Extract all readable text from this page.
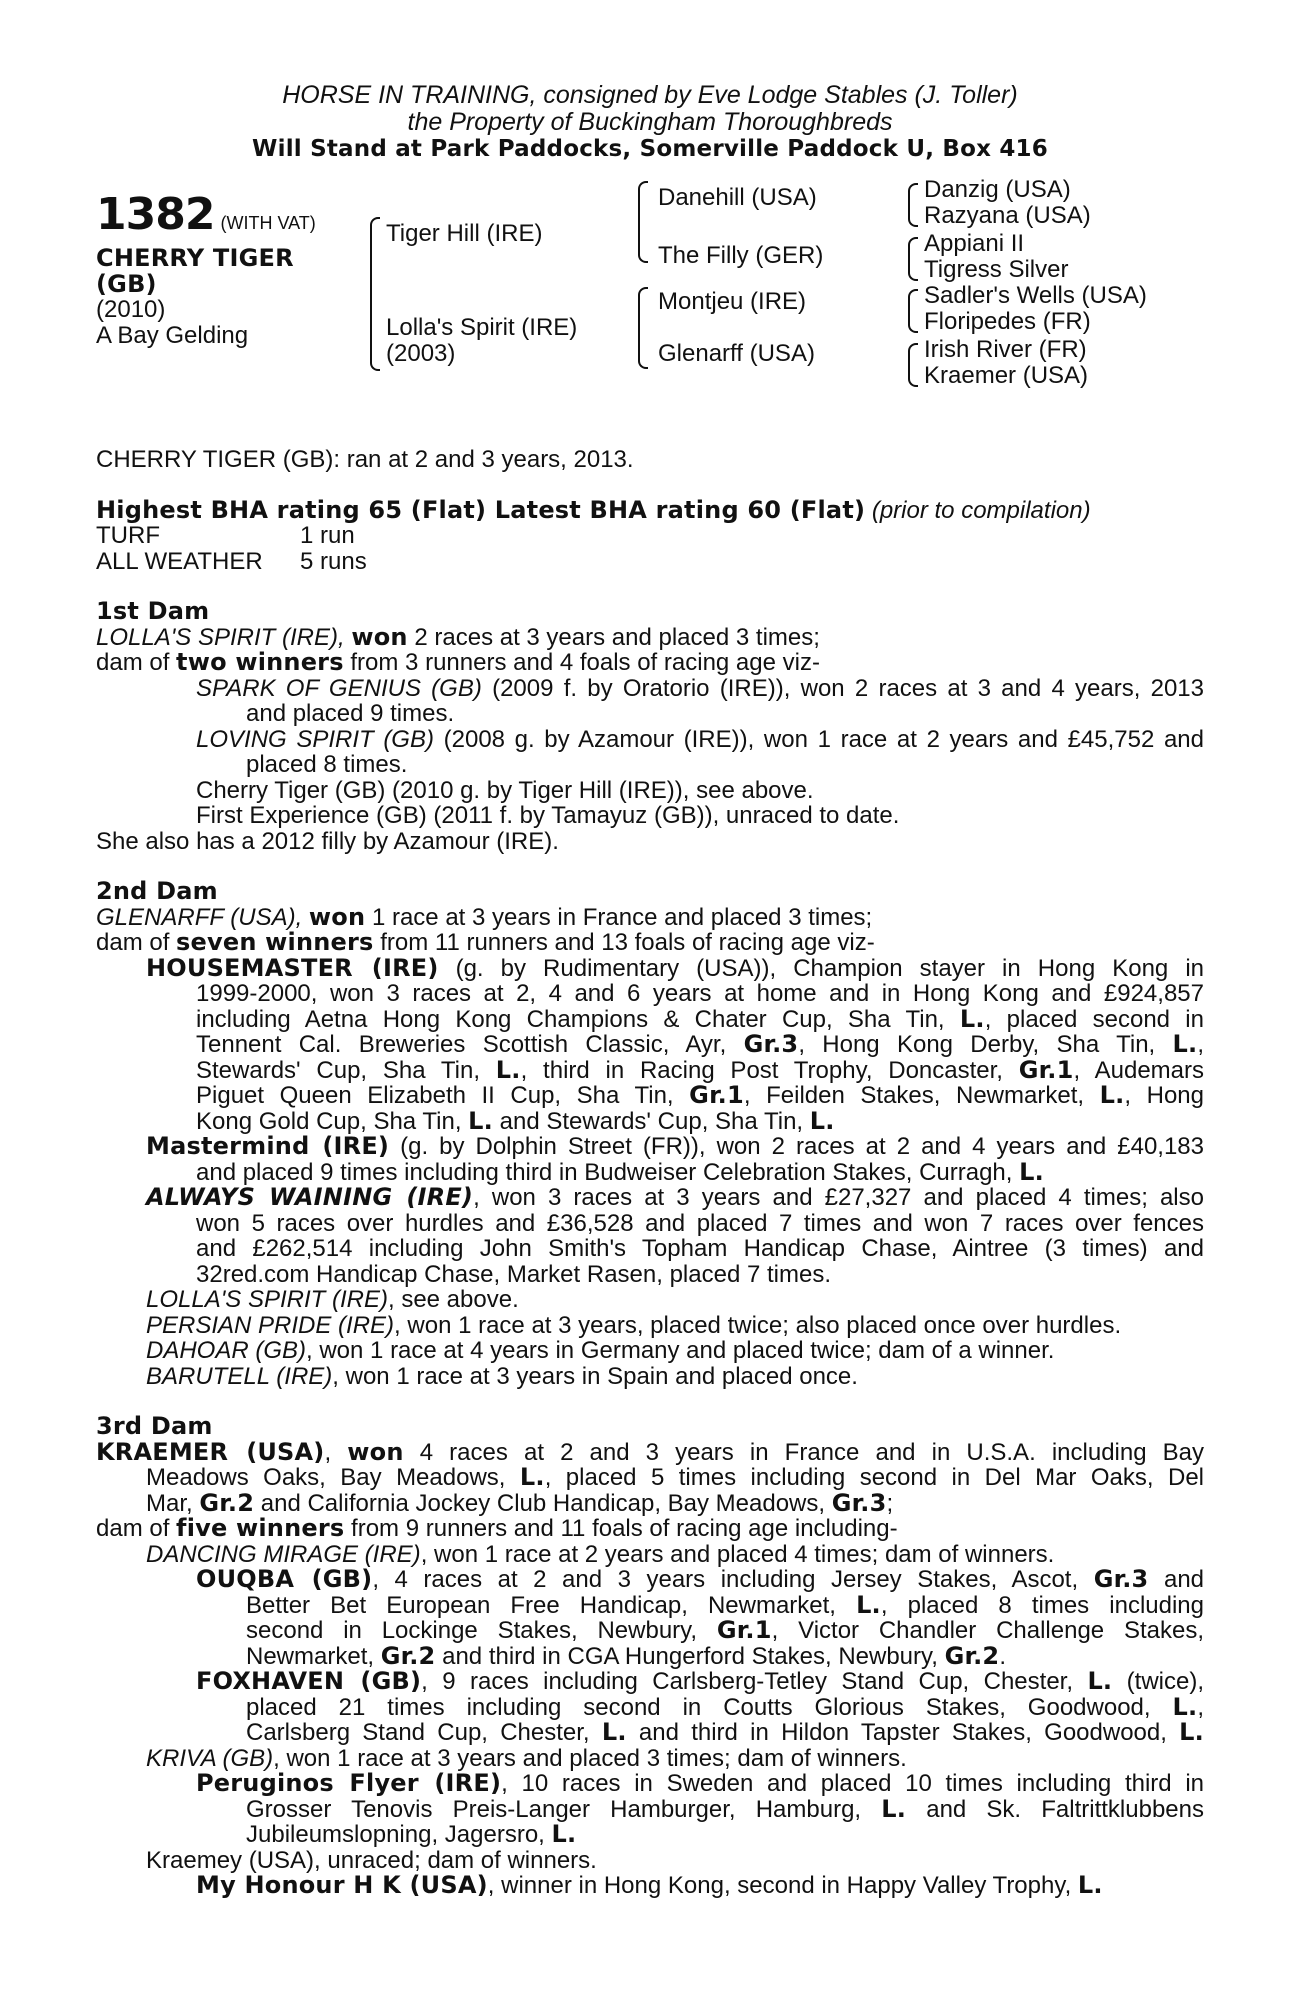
HORSE IN TRAINING, consigned by Eve Lodge Stables (J. Toller)
the Property of Buckingham Thoroughbreds
Will Stand at Park Paddocks, Somerville Paddock U, Box 416
1382 (WITH VAT)
CHERRY TIGER
(GB)
(2010)
A Bay Gelding
Tiger Hill (IRE)
Lolla's Spirit (IRE)
(2003)
Danehill (USA)
The Filly (GER)
Montjeu (IRE)
Glenarff (USA)
Danzig (USA)
Razyana (USA)
Appiani II
Tigress Silver
Sadler's Wells (USA)
Floripedes (FR)
Irish River (FR)
Kraemer (USA)
CHERRY TIGER (GB): ran at 2 and 3 years, 2013.
Highest BHA rating 65 (Flat) Latest BHA rating 60 (Flat) (prior to compilation)
TURF	1 run
ALL WEATHER 5 runs
1st Dam
LOLLA'S SPIRIT (IRE), won 2 races at 3 years and placed 3 times;
dam of two winners from 3 runners and 4 foals of racing age viz-
SPARK OF GENIUS (GB) (2009 f. by Oratorio (IRE)), won 2 races at 3 and 4 years, 2013
and placed 9 times.
LOVING SPIRIT (GB) (2008 g. by Azamour (IRE)), won 1 race at 2 years and £45,752 and
placed 8 times.
Cherry Tiger (GB) (2010 g. by Tiger Hill (IRE)), see above.
First Experience (GB) (2011 f. by Tamayuz (GB)), unraced to date.
She also has a 2012 filly by Azamour (IRE).
2nd Dam
GLENARFF (USA), won 1 race at 3 years in France and placed 3 times;
dam of seven winners from 11 runners and 13 foals of racing age viz-
HOUSEMASTER (IRE) (g. by Rudimentary (USA)), Champion stayer in Hong Kong in
1999-2000, won 3 races at 2, 4 and 6 years at home and in Hong Kong and £924,857
including Aetna Hong Kong Champions & Chater Cup, Sha Tin, L., placed second in
Tennent Cal. Breweries Scottish Classic, Ayr, Gr.3, Hong Kong Derby, Sha Tin, L.,
Stewards' Cup, Sha Tin, L., third in Racing Post Trophy, Doncaster, Gr.1, Audemars
Piguet Queen Elizabeth II Cup, Sha Tin, Gr.1, Feilden Stakes, Newmarket, L., Hong
Kong Gold Cup, Sha Tin, L. and Stewards' Cup, Sha Tin, L.
Mastermind (IRE) (g. by Dolphin Street (FR)), won 2 races at 2 and 4 years and £40,183
and placed 9 times including third in Budweiser Celebration Stakes, Curragh, L.
ALWAYS WAINING (IRE), won 3 races at 3 years and £27,327 and placed 4 times; also
won 5 races over hurdles and £36,528 and placed 7 times and won 7 races over fences
and £262,514 including John Smith's Topham Handicap Chase, Aintree (3 times) and
32red.com Handicap Chase, Market Rasen, placed 7 times.
LOLLA'S SPIRIT (IRE), see above.
PERSIAN PRIDE (IRE), won 1 race at 3 years, placed twice; also placed once over hurdles.
DAHOAR (GB), won 1 race at 4 years in Germany and placed twice; dam of a winner.
BARUTELL (IRE), won 1 race at 3 years in Spain and placed once.
3rd Dam
KRAEMER (USA), won 4 races at 2 and 3 years in France and in U.S.A. including Bay
Meadows Oaks, Bay Meadows, L., placed 5 times including second in Del Mar Oaks, Del
Mar, Gr.2 and California Jockey Club Handicap, Bay Meadows, Gr.3;
dam of five winners from 9 runners and 11 foals of racing age including-
DANCING MIRAGE (IRE), won 1 race at 2 years and placed 4 times; dam of winners.
OUQBA (GB), 4 races at 2 and 3 years including Jersey Stakes, Ascot, Gr.3 and
Better Bet European Free Handicap, Newmarket, L., placed 8 times including
second in Lockinge Stakes, Newbury, Gr.1, Victor Chandler Challenge Stakes,
Newmarket, Gr.2 and third in CGA Hungerford Stakes, Newbury, Gr.2.
FOXHAVEN (GB), 9 races including Carlsberg-Tetley Stand Cup, Chester, L. (twice),
placed 21 times including second in Coutts Glorious Stakes, Goodwood, L.,
Carlsberg Stand Cup, Chester, L. and third in Hildon Tapster Stakes, Goodwood, L.
KRIVA (GB), won 1 race at 3 years and placed 3 times; dam of winners.
Peruginos Flyer (IRE), 10 races in Sweden and placed 10 times including third in
Grosser Tenovis Preis-Langer Hamburger, Hamburg, L. and Sk. Faltrittklubbens
Jubileumslopning, Jagersro, L.
Kraemey (USA), unraced; dam of winners.
My Honour H K (USA), winner in Hong Kong, second in Happy Valley Trophy, L.
